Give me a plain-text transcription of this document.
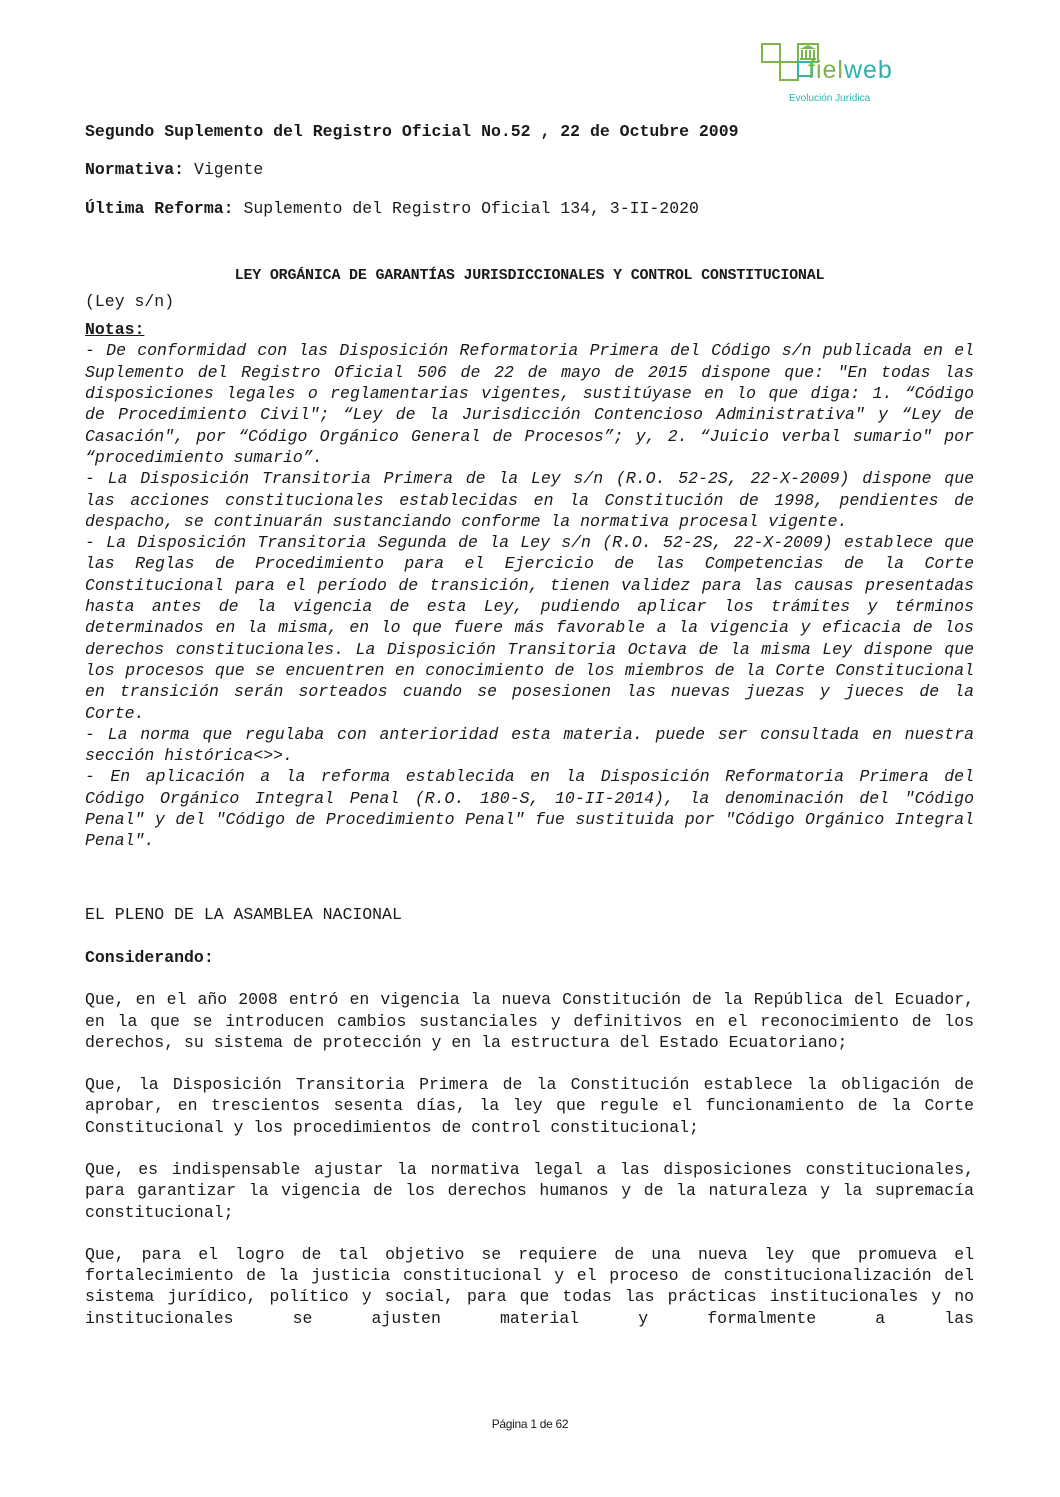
fielweb
Evolución Jurídica

Segundo Suplemento del Registro Oficial No.52 , 22 de Octubre 2009

Normativa: Vigente

Última Reforma: Suplemento del Registro Oficial 134, 3-II-2020

LEY ORGÁNICA DE GARANTÍAS JURISDICCIONALES Y CONTROL CONSTITUCIONAL

(Ley s/n)

Notas:

- De conformidad con las Disposición Reformatoria Primera del Código s/n publicada en el Suplemento del Registro Oficial 506 de 22 de mayo de 2015 dispone que: "En todas las disposiciones legales o reglamentarias vigentes, sustitúyase en lo que diga: 1. “Código de Procedimiento Civil"; “Ley de la Jurisdicción Contencioso Administrativa" y “Ley de Casación", por “Código Orgánico General de Procesos”; y, 2. “Juicio verbal sumario" por “procedimiento sumario”.

- La Disposición Transitoria Primera de la Ley s/n (R.O. 52-2S, 22-X-2009) dispone que las acciones constitucionales establecidas en la Constitución de 1998, pendientes de despacho, se continuarán sustanciando conforme la normativa procesal vigente.

- La Disposición Transitoria Segunda de la Ley s/n (R.O. 52-2S, 22-X-2009) establece que las Reglas de Procedimiento para el Ejercicio de las Competencias de la Corte Constitucional para el período de transición, tienen validez para las causas presentadas hasta antes de la vigencia de esta Ley, pudiendo aplicar los trámites y términos determinados en la misma, en lo que fuere más favorable a la vigencia y eficacia de los derechos constitucionales. La Disposición Transitoria Octava de la misma Ley dispone que los procesos que se encuentren en conocimiento de los miembros de la Corte Constitucional en transición serán sorteados cuando se posesionen las nuevas juezas y jueces de la Corte.

- La norma que regulaba con anterioridad esta materia. puede ser consultada en nuestra sección histórica<>>.

- En aplicación a la reforma establecida en la Disposición Reformatoria Primera del Código Orgánico Integral Penal (R.O. 180-S, 10-II-2014), la denominación del "Código Penal" y del "Código de Procedimiento Penal" fue sustituida por "Código Orgánico Integral Penal".

EL PLENO DE LA ASAMBLEA NACIONAL

Considerando:

Que, en el año 2008 entró en vigencia la nueva Constitución de la República del Ecuador, en la que se introducen cambios sustanciales y definitivos en el reconocimiento de los derechos, su sistema de protección y en la estructura del Estado Ecuatoriano;

Que, la Disposición Transitoria Primera de la Constitución establece la obligación de aprobar, en trescientos sesenta días, la ley que regule el funcionamiento de la Corte Constitucional y los procedimientos de control constitucional;

Que, es indispensable ajustar la normativa legal a las disposiciones constitucionales, para garantizar la vigencia de los derechos humanos y de la naturaleza y la supremacía constitucional;

Que, para el logro de tal objetivo se requiere de una nueva ley que promueva el fortalecimiento de la justicia constitucional y el proceso de constitucionalización del sistema jurídico, político y social, para que todas las prácticas institucionales y no institucionales se ajusten material y formalmente a las

Página 1 de 62
